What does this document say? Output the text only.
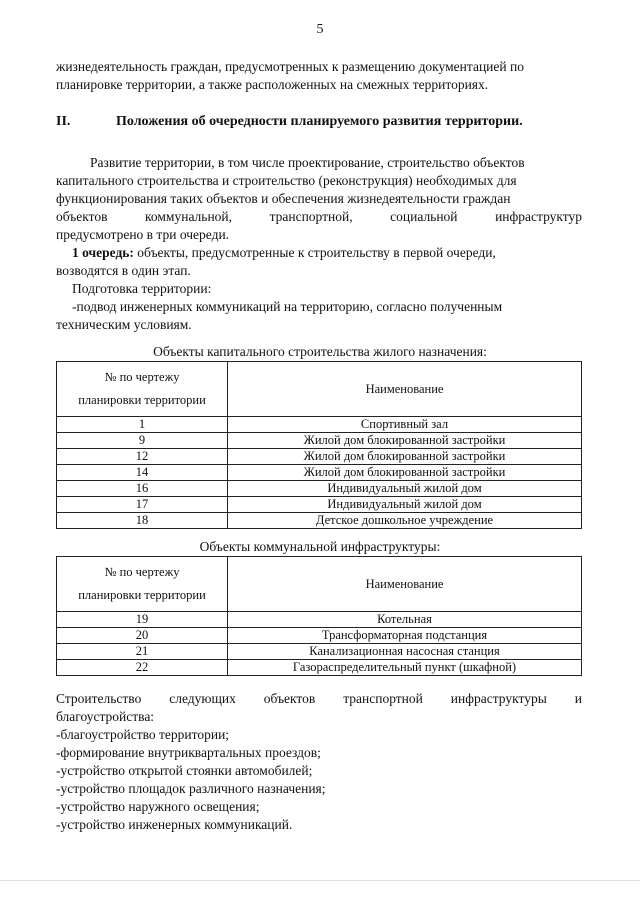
5
жизнедеятельность граждан, предусмотренных к размещению документацией по
планировке территории, а также расположенных на смежных территориях.
II.	Положения об очередности планируемого развития территории.
Развитие территории, в том числе проектирование, строительство объектов
капитального строительства и строительство (реконструкция) необходимых для
функционирования таких объектов и обеспечения жизнедеятельности граждан
объектов	коммунальной,	транспортной,	социальной	инфраструктур
предусмотрено в три очереди.
1 очередь: объекты, предусмотренные к строительству в первой очереди,
возводятся в один этап.
Подготовка территории:
-подвод инженерных коммуникаций на территорию, согласно полученным
техническим условиям.
Объекты капитального строительства жилого назначения:
№ по чертежу
планировки территории	Наименование
1	Спортивный зал
9	Жилой дом блокированной застройки
12	Жилой дом блокированной застройки
14	Жилой дом блокированной застройки
16	Индивидуальный жилой дом
17	Индивидуальный жилой дом
18	Детское дошкольное учреждение
Объекты коммунальной инфраструктуры:
№ по чертежу
планировки территории	Наименование
19	Котельная
20	Трансформаторная подстанция
21	Канализационная насосная станция
22	Газораспределительный пункт (шкафной)
Строительство следующих объектов транспортной инфраструктуры и
благоустройства:
-благоустройство территории;
-формирование внутриквартальных проездов;
-устройство открытой стоянки автомобилей;
-устройство площадок различного назначения;
-устройство наружного освещения;
-устройство инженерных коммуникаций.
